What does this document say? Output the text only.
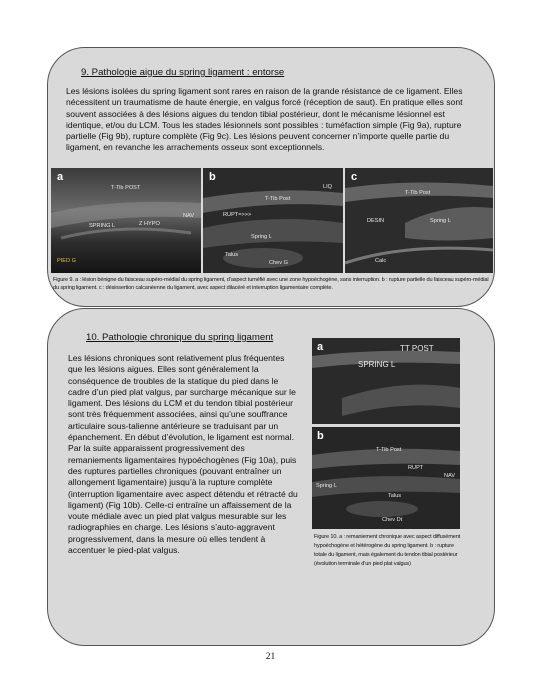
9. Pathologie aigue du spring ligament : entorse
Les lésions isolées du spring ligament sont rares en raison de la grande résistance de ce ligament. Elles nécessitent un traumatisme de haute énergie, en valgus forcé (réception de saut). En pratique elles sont souvent associées à des lésions aigues du tendon tibial postérieur, dont le mécanisme lésionnel est identique, et/ou du LCM. Tous les stades lésionnels sont possibles : tuméfaction simple (Fig 9a), rupture partielle (Fig 9b), rupture complète (Fig 9c). Les lésions peuvent concerner n’importe quelle partie du ligament, en revanche les arrachements osseux sont exceptionnels.
a
T-Tib POST
Z HYPO
NAV
SPRING L
PIED G
b
LIQ
T-Tib Post
RUPT=>>>
Spring L
Talus
Chev G
c
T-Tib Post
DESIN	Spring L
Calc
Figure 9. a : lésion bénigne du faisceau supéro-médial du spring ligament, d’aspect tuméfié avec une zone hypoéchogène, sans interruption. b : rupture partielle du faisceau supéro-médial du spring ligament. c : désinsertion calcanéenne du ligament, avec aspect dilacéré et interruption ligamentaire complète.
10. Pathologie chronique du spring ligament
Les lésions chroniques sont relativement plus fréquentes que les lésions aigues. Elles sont généralement la conséquence de troubles de la statique du pied dans le cadre d’un pied plat valgus, par surcharge mécanique sur le ligament. Des lésions du LCM et du tendon tibial postérieur sont très fréquemment associées, ainsi qu’une souffrance articulaire sous-talienne antérieure se traduisant par un épanchement. En début d’évolution, le ligament est normal. Par la suite apparaissent progressivement des remaniements ligamentaires hypoéchogènes (Fig 10a), puis des ruptures partielles chroniques (pouvant entraîner un allongement ligamentaire) jusqu’à la rupture complète (interruption ligamentaire avec aspect détendu et rétracté du ligament) (Fig 10b). Celle-ci entraîne un affaissement de la voute médiale avec un pied plat valgus mesurable sur les radiographies en charge. Les lésions s’auto-aggravent progressivement, dans la mesure où elles tendent à accentuer le pied-plat valgus.
a	TT POST
SPRING L
b
T-Tib Post
RUPT
NAV
Spring L
Talus
Chev Dt
Figure 10. a : remaniement chronique avec aspect diffusément hypoéchogène et hétérogène du spring ligament. b : rupture totale du ligament, mais également du tendon tibial postérieur (évolution terminale d’un pied plat valgus)
21
